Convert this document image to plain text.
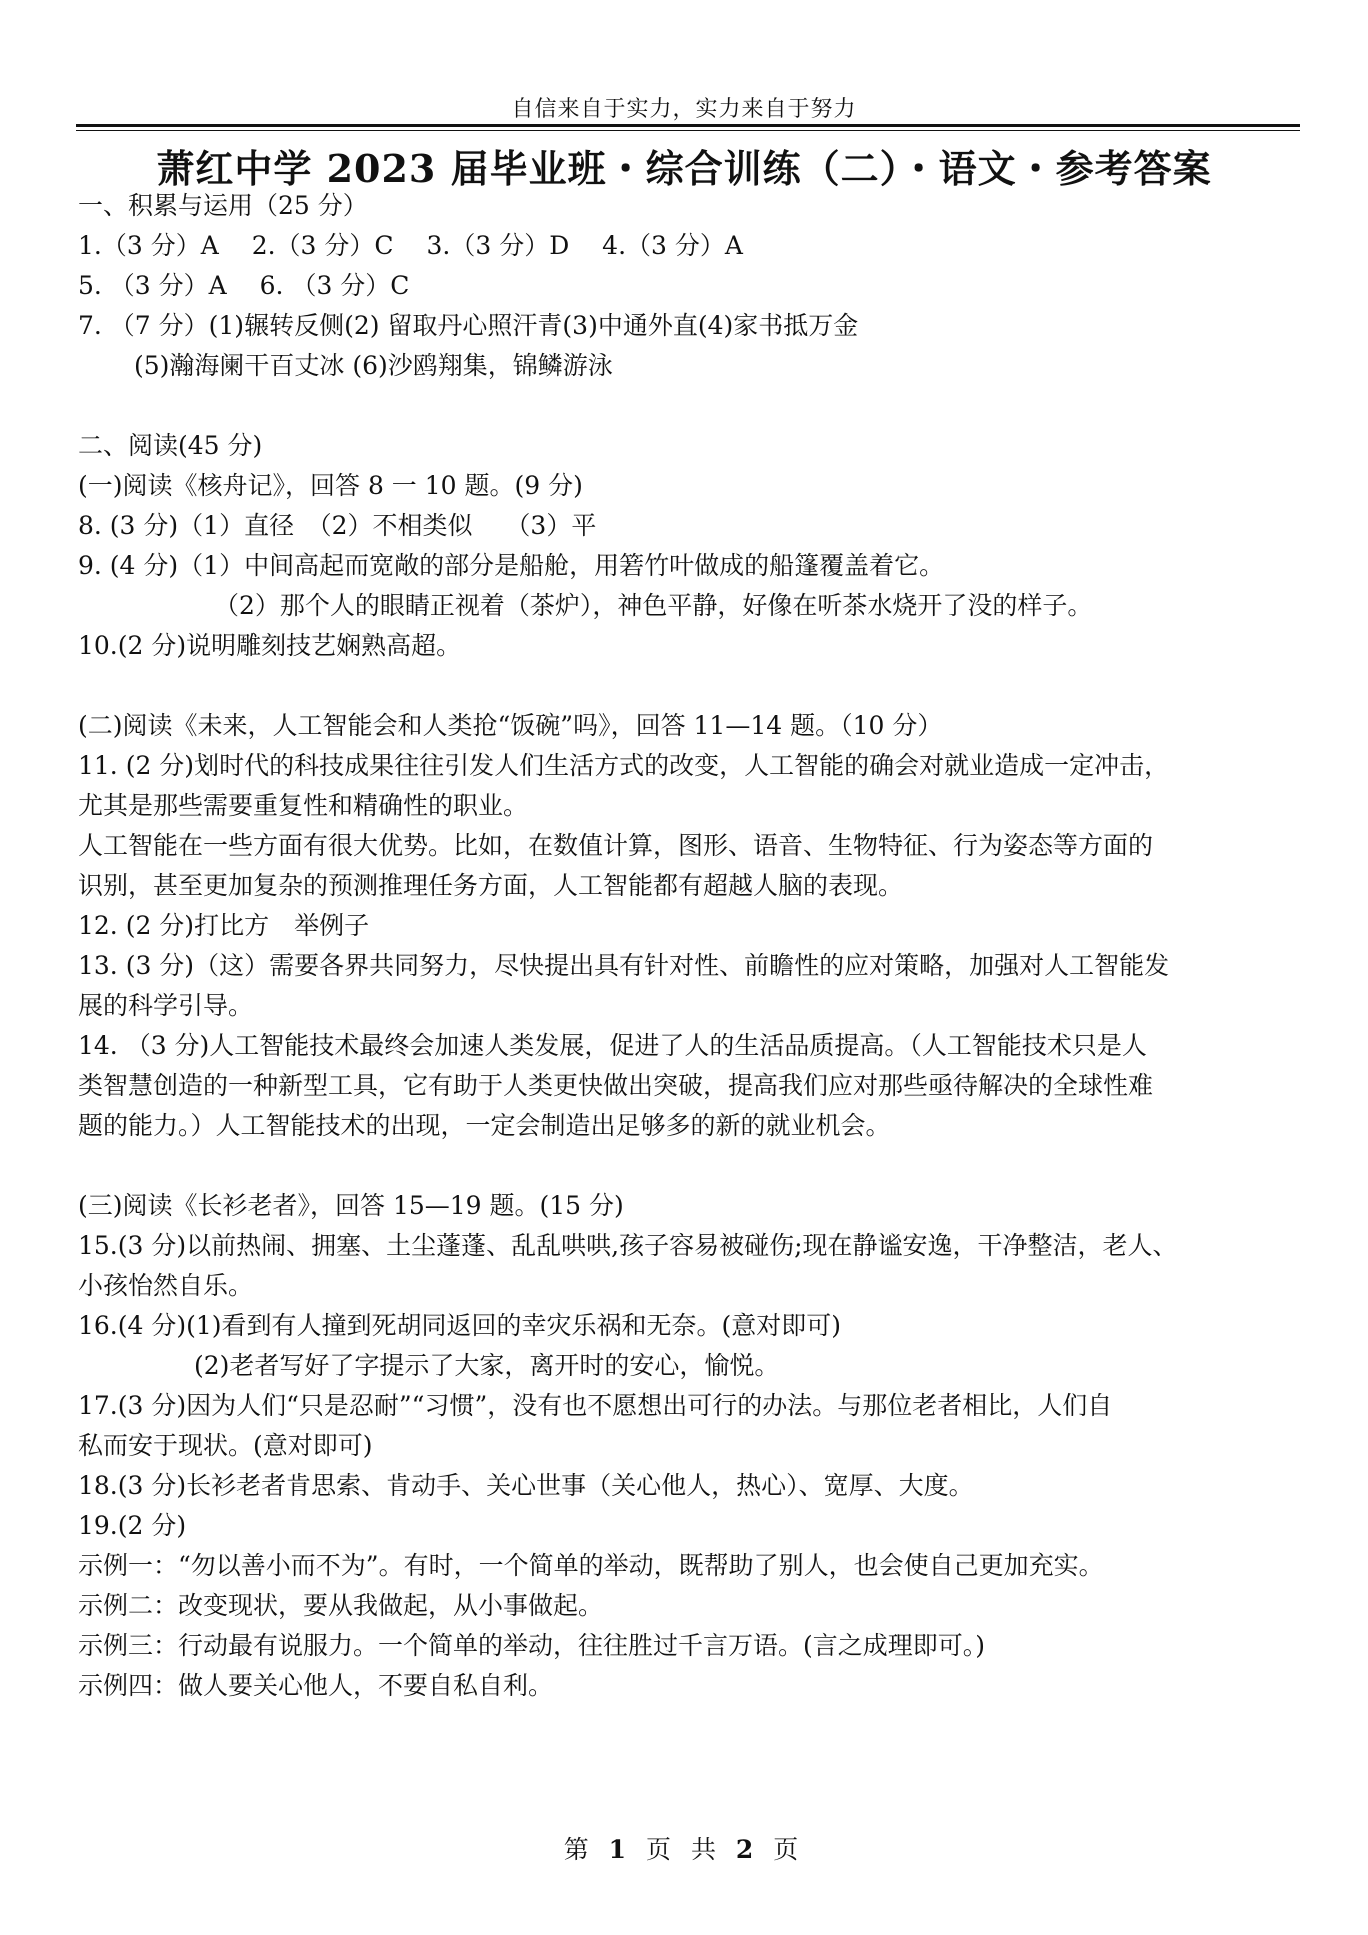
自信来自于实力，实力来自于努力
萧红中学 2023 届毕业班・综合训练（二）・语文・参考答案
一、积累与运用（25 分）
1.（3 分）A　 2.（3 分）C　 3.（3 分）D　 4.（3 分）A
5. （3 分）A　 6. （3 分）C
7. （7 分）(1)辗转反侧(2) 留取丹心照汗青(3)中通外直(4)家书抵万金
(5)瀚海阑干百丈冰 (6)沙鸥翔集，锦鳞游泳
二、阅读(45 分)
(一)阅读《核舟记》，回答 8 一 10 题。(9 分)
8. (3 分)（1）直径　（2）不相类似　 （3）平
9. (4 分)（1）中间高起而宽敞的部分是船舱，用箬竹叶做成的船篷覆盖着它。
（2）那个人的眼睛正视着（茶炉），神色平静，好像在听茶水烧开了没的样子。
10.(2 分)说明雕刻技艺娴熟高超。
(二)阅读《未来，人工智能会和人类抢“饭碗”吗》，回答 11—14 题。（10 分）
11. (2 分)划时代的科技成果往往引发人们生活方式的改变，人工智能的确会对就业造成一定冲击，
尤其是那些需要重复性和精确性的职业。
人工智能在一些方面有很大优势。比如，在数值计算，图形、语音、生物特征、行为姿态等方面的
识别，甚至更加复杂的预测推理任务方面，人工智能都有超越人脑的表现。
12. (2 分)打比方　举例子
13. (3 分)（这）需要各界共同努力，尽快提出具有针对性、前瞻性的应对策略，加强对人工智能发
展的科学引导。
14. （3 分)人工智能技术最终会加速人类发展，促进了人的生活品质提高。（人工智能技术只是人
类智慧创造的一种新型工具，它有助于人类更快做出突破，提高我们应对那些亟待解决的全球性难
题的能力。）人工智能技术的出现，一定会制造出足够多的新的就业机会。
(三)阅读《长衫老者》，回答 15—19 题。(15 分)
15.(3 分)以前热闹、拥塞、土尘蓬蓬、乱乱哄哄,孩子容易被碰伤;现在静谧安逸，干净整洁，老人、
小孩怡然自乐。
16.(4 分)(1)看到有人撞到死胡同返回的幸灾乐祸和无奈。(意对即可)
(2)老者写好了字提示了大家，离开时的安心，愉悦。
17.(3 分)因为人们“只是忍耐”“习惯”，没有也不愿想出可行的办法。与那位老者相比，人们自
私而安于现状。(意对即可)
18.(3 分)长衫老者肯思索、肯动手、关心世事（关心他人，热心）、宽厚、大度。
19.(2 分)
示例一：“勿以善小而不为”。有时，一个简单的举动，既帮助了别人，也会使自己更加充实。
示例二：改变现状，要从我做起，从小事做起。
示例三：行动最有说服力。一个简单的举动，往往胜过千言万语。(言之成理即可。)
示例四：做人要关心他人，不要自私自利。
第 1 页 共 2 页
